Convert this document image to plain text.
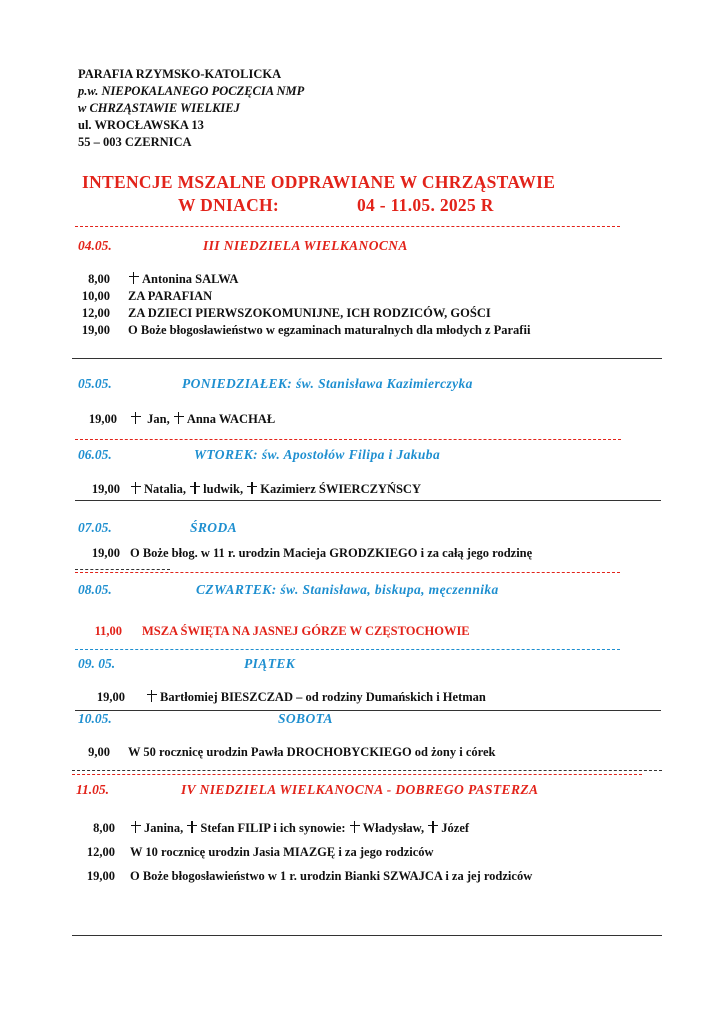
PARAFIA RZYMSKO-KATOLICKA
p.w. NIEPOKALANEGO POCZĘCIA NMP
w CHRZĄSTAWIE WIELKIEJ
ul. WROCŁAWSKA 13
55 – 003 CZERNICA
INTENCJE MSZALNE ODPRAWIANE W CHRZĄSTAWIE
W DNIACH:	04 - 11.05. 2025 R
04.05.	III NIEDZIELA WIELKANOCNA
8,00	Antonina SALWA
10,00 ZA PARAFIAN
12,00 ZA DZIECI PIERWSZOKOMUNIJNE, ICH RODZICÓW, GOŚCI
19,00 O Boże błogosławieństwo w egzaminach maturalnych dla młodych z Parafii
05.05.	PONIEDZIAŁEK: św. Stanisława Kazimierczyka
19,00	Jan, Anna WACHAŁ
06.05.	WTOREK: św. Apostołów Filipa i Jakuba
19,00	Natalia, ludwik, Kazimierz ŚWIERCZYŃSCY
07.05.	ŚRODA
19,00 O Boże błog. w 11 r. urodzin Macieja GRODZKIEGO i za całą jego rodzinę
08.05.	CZWARTEK: św. Stanisława, biskupa, męczennika
11,00 MSZA ŚWIĘTA NA JASNEJ GÓRZE W CZĘSTOCHOWIE
09. 05.	PIĄTEK
19,00	Bartłomiej BIESZCZAD – od rodziny Dumańskich i Hetman
10.05.	SOBOTA
9,00 W 50 rocznicę urodzin Pawła DROCHOBYCKIEGO od żony i córek
11.05.	IV NIEDZIELA WIELKANOCNA - DOBREGO PASTERZA
8,00	Janina, Stefan FILIP i ich synowie: Władysław, Józef
12,00 W 10 rocznicę urodzin Jasia MIAZGĘ i za jego rodziców
19,00 O Boże błogosławieństwo w 1 r. urodzin Bianki SZWAJCA i za jej rodziców
